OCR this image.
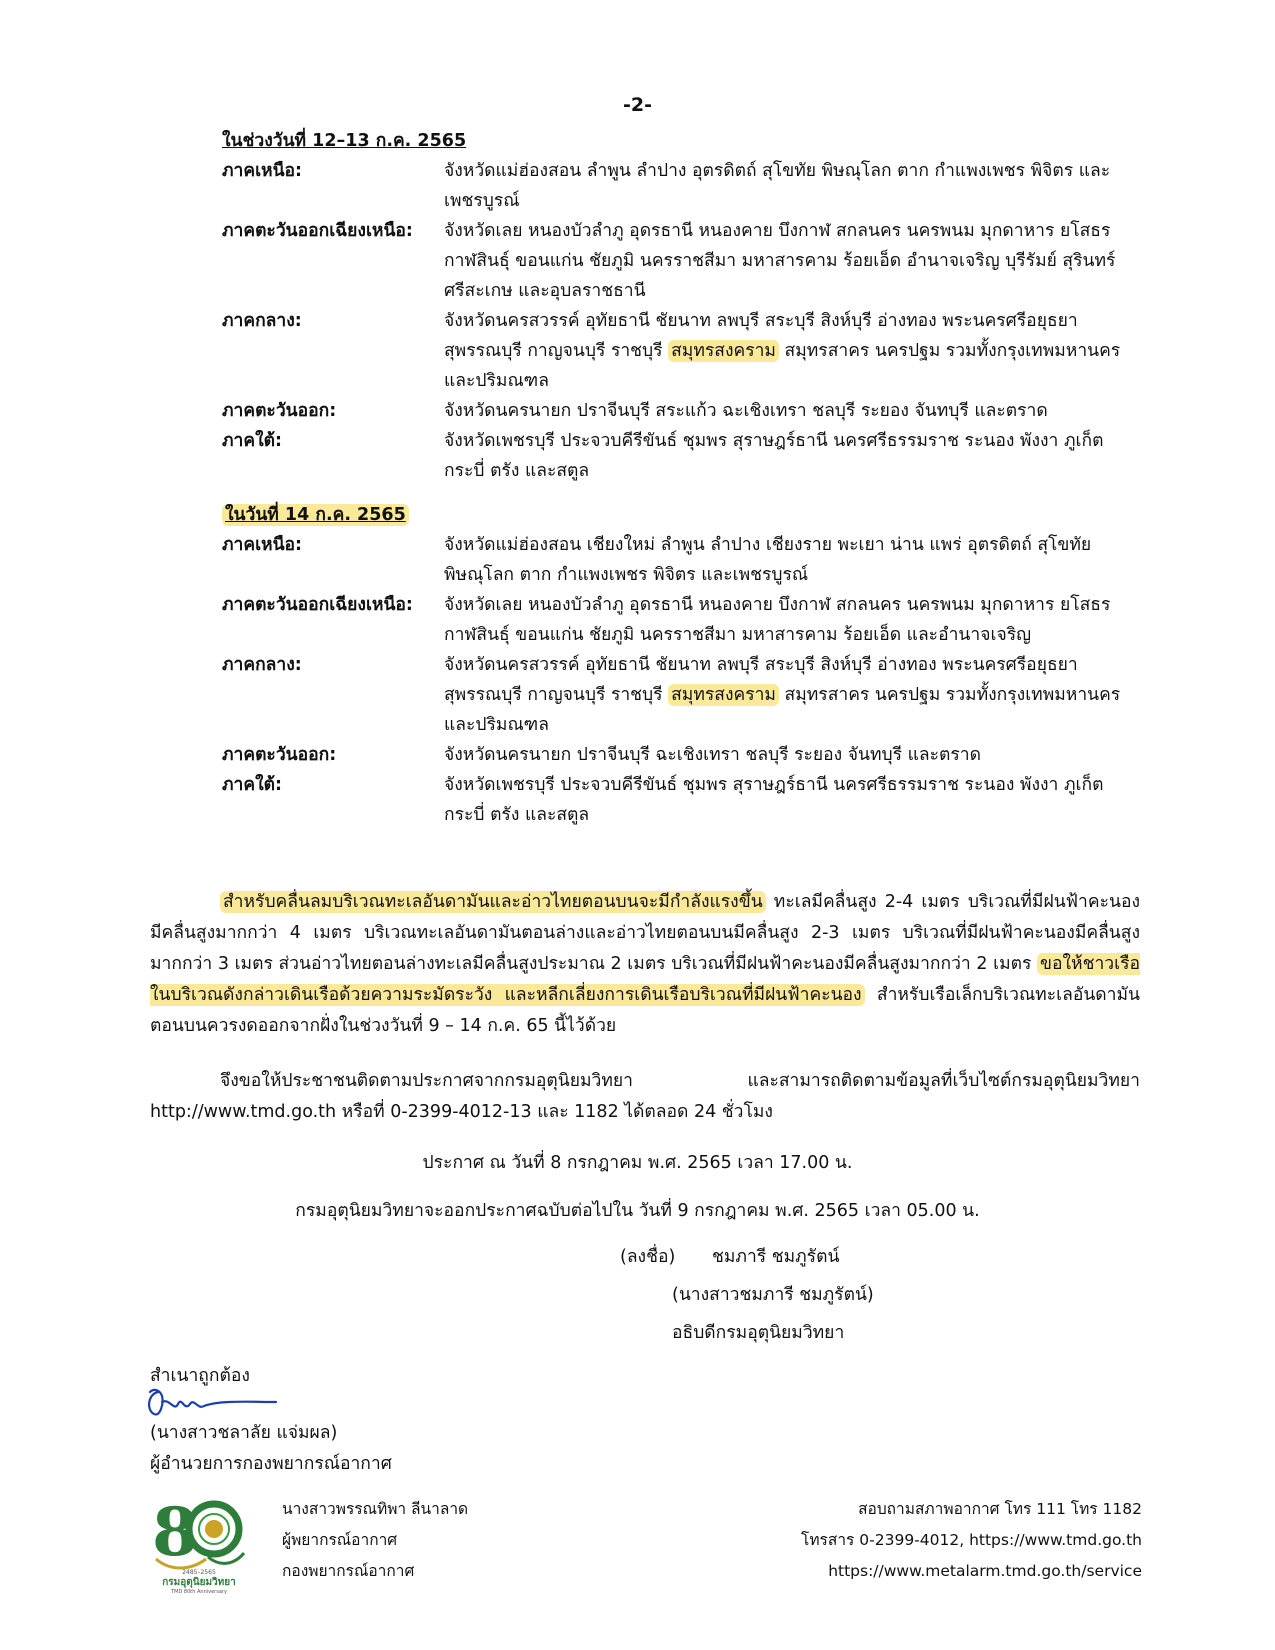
-2-
ในช่วงวันที่ 12–13 ก.ค. 2565
ภาคเหนือ:	จังหวัดแม่ฮ่องสอน ลำพูน ลำปาง อุตรดิตถ์ สุโขทัย พิษณุโลก ตาก กำแพงเพชร พิจิตร และเพชรบูรณ์
ภาคตะวันออกเฉียงเหนือ:	จังหวัดเลย หนองบัวลำภู อุดรธานี หนองคาย บึงกาฬ สกลนคร นครพนม มุกดาหาร ยโสธร กาฬสินธุ์ ขอนแก่น ชัยภูมิ นครราชสีมา มหาสารคาม ร้อยเอ็ด อำนาจเจริญ บุรีรัมย์ สุรินทร์ ศรีสะเกษ และอุบลราชธานี
ภาคกลาง:	จังหวัดนครสวรรค์ อุทัยธานี ชัยนาท ลพบุรี สระบุรี สิงห์บุรี อ่างทอง พระนครศรีอยุธยา สุพรรณบุรี กาญจนบุรี ราชบุรี สมุทรสงคราม สมุทรสาคร นครปฐม รวมทั้งกรุงเทพมหานคร และปริมณฑล
ภาคตะวันออก:	จังหวัดนครนายก ปราจีนบุรี สระแก้ว ฉะเชิงเทรา ชลบุรี ระยอง จันทบุรี และตราด
ภาคใต้:	จังหวัดเพชรบุรี ประจวบคีรีขันธ์ ชุมพร สุราษฎร์ธานี นครศรีธรรมราช ระนอง พังงา ภูเก็ต กระบี่ ตรัง และสตูล
ในวันที่ 14 ก.ค. 2565
ภาคเหนือ:	จังหวัดแม่ฮ่องสอน เชียงใหม่ ลำพูน ลำปาง เชียงราย พะเยา น่าน แพร่ อุตรดิตถ์ สุโขทัย พิษณุโลก ตาก กำแพงเพชร พิจิตร และเพชรบูรณ์
ภาคตะวันออกเฉียงเหนือ:	จังหวัดเลย หนองบัวลำภู อุดรธานี หนองคาย บึงกาฬ สกลนคร นครพนม มุกดาหาร ยโสธร กาฬสินธุ์ ขอนแก่น ชัยภูมิ นครราชสีมา มหาสารคาม ร้อยเอ็ด และอำนาจเจริญ
ภาคกลาง:	จังหวัดนครสวรรค์ อุทัยธานี ชัยนาท ลพบุรี สระบุรี สิงห์บุรี อ่างทอง พระนครศรีอยุธยา สุพรรณบุรี กาญจนบุรี ราชบุรี สมุทรสงคราม สมุทรสาคร นครปฐม รวมทั้งกรุงเทพมหานคร และปริมณฑล
ภาคตะวันออก:	จังหวัดนครนายก ปราจีนบุรี ฉะเชิงเทรา ชลบุรี ระยอง จันทบุรี และตราด
ภาคใต้:	จังหวัดเพชรบุรี ประจวบคีรีขันธ์ ชุมพร สุราษฎร์ธานี นครศรีธรรมราช ระนอง พังงา ภูเก็ต กระบี่ ตรัง และสตูล
สำหรับคลื่นลมบริเวณทะเลอันดามันและอ่าวไทยตอนบนจะมีกำลังแรงขึ้น ทะเลมีคลื่นสูง 2-4 เมตร บริเวณที่มีฝนฟ้าคะนองมีคลื่นสูงมากกว่า 4 เมตร บริเวณทะเลอันดามันตอนล่างและอ่าวไทยตอนบนมีคลื่นสูง 2-3 เมตร บริเวณที่มีฝนฟ้าคะนองมีคลื่นสูงมากกว่า 3 เมตร ส่วนอ่าวไทยตอนล่างทะเลมีคลื่นสูงประมาณ 2 เมตร บริเวณที่มีฝนฟ้าคะนองมีคลื่นสูงมากกว่า 2 เมตร ขอให้ชาวเรือในบริเวณดังกล่าวเดินเรือด้วยความระมัดระวัง และหลีกเลี่ยงการเดินเรือบริเวณที่มีฝนฟ้าคะนอง สำหรับเรือเล็กบริเวณทะเลอันดามันตอนบนควรงดออกจากฝั่งในช่วงวันที่ 9 – 14 ก.ค. 65 นี้ไว้ด้วย
จึงขอให้ประชาชนติดตามประกาศจากกรมอุตุนิยมวิทยา และสามารถติดตามข้อมูลที่เว็บไซต์กรมอุตุนิยมวิทยา http://www.tmd.go.th หรือที่ 0-2399-4012-13 และ 1182 ได้ตลอด 24 ชั่วโมง
ประกาศ ณ วันที่ 8 กรกฎาคม พ.ศ. 2565 เวลา 17.00 น.
กรมอุตุนิยมวิทยาจะออกประกาศฉบับต่อไปใน วันที่ 9 กรกฎาคม พ.ศ. 2565 เวลา 05.00 น.
(ลงชื่อ) ชมภารี ชมภูรัตน์
(นางสาวชมภารี ชมภูรัตน์)
อธิบดีกรมอุตุนิยมวิทยา
สำเนาถูกต้อง
(นางสาวชลาลัย แจ่มผล)
ผู้อำนวยการกองพยากรณ์อากาศ
8
2485–2565
กรมอุตุนิยมวิทยา
TMD 80th Anniversary
นางสาวพรรณทิพา ลีนาลาด
ผู้พยากรณ์อากาศ
กองพยากรณ์อากาศ
สอบถามสภาพอากาศ โทร 111 โทร 1182
โทรสาร 0-2399-4012, https://www.tmd.go.th
https://www.metalarm.tmd.go.th/service
